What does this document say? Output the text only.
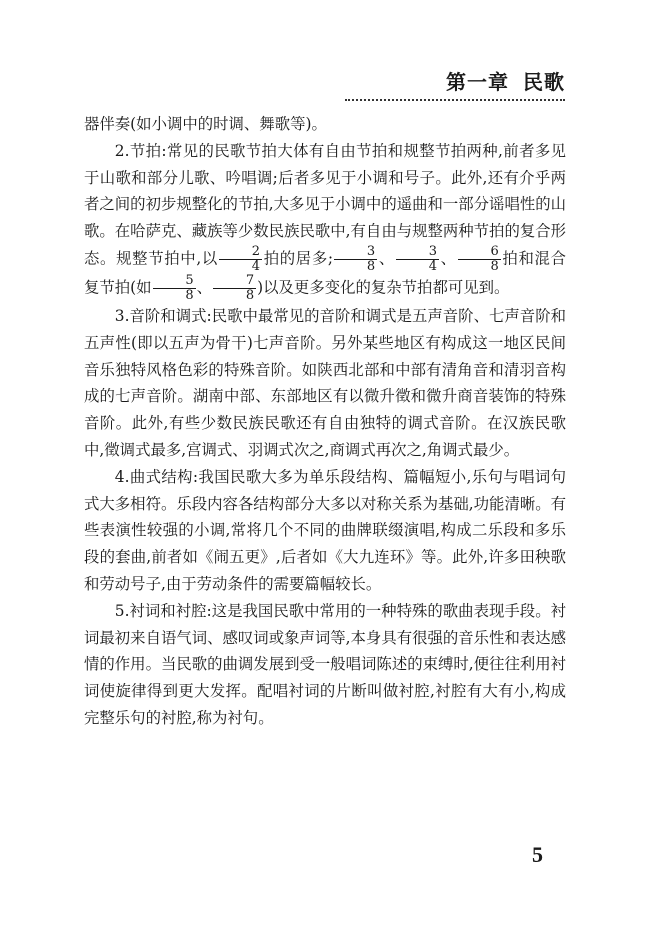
第一章 民歌

器伴奏(如小调中的时调、舞歌等)。

2.节拍:常见的民歌节拍大体有自由节拍和规整节拍两种,前者多见于山歌和部分儿歌、吟唱调;后者多见于小调和号子。此外,还有介乎两者之间的初步规整化的节拍,大多见于小调中的遥曲和一部分谣唱性的山歌。在哈萨克、藏族等少数民族民歌中,有自由与规整两种节拍的复合形态。规整节拍中,以 $\frac{2}{4}$ 拍的居多; $\frac{3}{8}$ 、 $\frac{3}{4}$ 、 $\frac{6}{8}$ 拍和混合复节拍(如 $\frac{5}{8}$ 、 $\frac{7}{8}$ )以及更多变化的复杂节拍都可见到。

3.音阶和调式:民歌中最常见的音阶和调式是五声音阶、七声音阶和五声性(即以五声为骨干)七声音阶。另外某些地区有构成这一地区民间音乐独特风格色彩的特殊音阶。如陕西北部和中部有清角音和清羽音构成的七声音阶。湖南中部、东部地区有以微升徵和微升商音装饰的特殊音阶。此外,有些少数民族民歌还有自由独特的调式音阶。在汉族民歌中,徵调式最多,宫调式、羽调式次之,商调式再次之,角调式最少。

4.曲式结构:我国民歌大多为单乐段结构、篇幅短小,乐句与唱词句式大多相符。乐段内容各结构部分大多以对称关系为基础,功能清晰。有些表演性较强的小调,常将几个不同的曲牌联缀演唱,构成二乐段和多乐段的套曲,前者如《闹五更》,后者如《大九连环》等。此外,许多田秧歌和劳动号子,由于劳动条件的需要篇幅较长。

5.衬词和衬腔:这是我国民歌中常用的一种特殊的歌曲表现手段。衬词最初来自语气词、感叹词或象声词等,本身具有很强的音乐性和表达感情的作用。当民歌的曲调发展到受一般唱词陈述的束缚时,便往往利用衬词使旋律得到更大发挥。配唱衬词的片断叫做衬腔,衬腔有大有小,构成完整乐句的衬腔,称为衬句。

5
